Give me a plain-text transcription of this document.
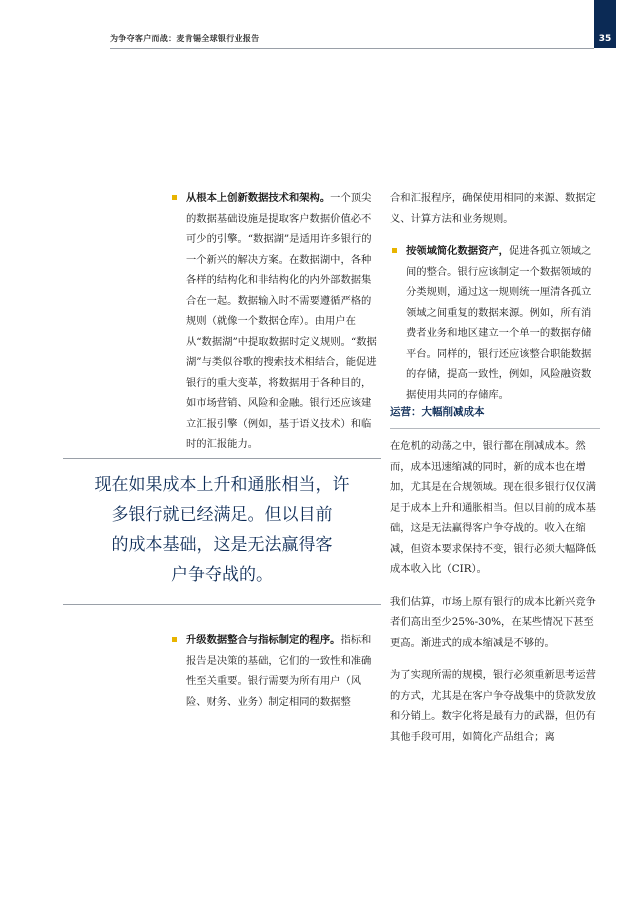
为争夺客户而战：麦肯锡全球银行业报告	35
从根本上创新数据技术和架构。一个顶尖的数据基础设施是提取客户数据价值必不可少的引擎。“数据湖”是适用许多银行的一个新兴的解决方案。在数据湖中，各种各样的结构化和非结构化的内外部数据集合在一起。数据输入时不需要遵循严格的规则（就像一个数据仓库）。由用户在从“数据湖”中提取数据时定义规则。“数据湖”与类似谷歌的搜索技术相结合，能促进银行的重大变革，将数据用于各种目的，如市场营销、风险和金融。银行还应该建立汇报引擎（例如，基于语义技术）和临时的汇报能力。
现在如果成本上升和通胀相当，许
多银行就已经满足。但以目前
的成本基础，这是无法赢得客
户争夺战的。
升级数据整合与指标制定的程序。指标和报告是决策的基础，它们的一致性和准确性至关重要。银行需要为所有用户（风险、财务、业务）制定相同的数据整

合和汇报程序，确保使用相同的来源、数据定义、计算方法和业务规则。

按领域简化数据资产，促进各孤立领域之间的整合。银行应该制定一个数据领域的分类规则，通过这一规则统一厘清各孤立领域之间重复的数据来源。例如，所有消费者业务和地区建立一个单一的数据存储平台。同样的，银行还应该整合职能数据的存储，提高一致性，例如，风险融资数据使用共同的存储库。
运营：大幅削减成本

在危机的动荡之中，银行都在削减成本。然而，成本迅速缩减的同时，新的成本也在增加，尤其是在合规领域。现在很多银行仅仅满足于成本上升和通胀相当。但以目前的成本基础，这是无法赢得客户争夺战的。收入在缩减，但资本要求保持不变，银行必须大幅降低成本收入比（CIR）。

我们估算，市场上原有银行的成本比新兴竞争者们高出至少25%-30%，在某些情况下甚至更高。渐进式的成本缩减是不够的。

为了实现所需的规模，银行必须重新思考运营的方式，尤其是在客户争夺战集中的贷款发放和分销上。数字化将是最有力的武器，但仍有其他手段可用，如简化产品组合；离
